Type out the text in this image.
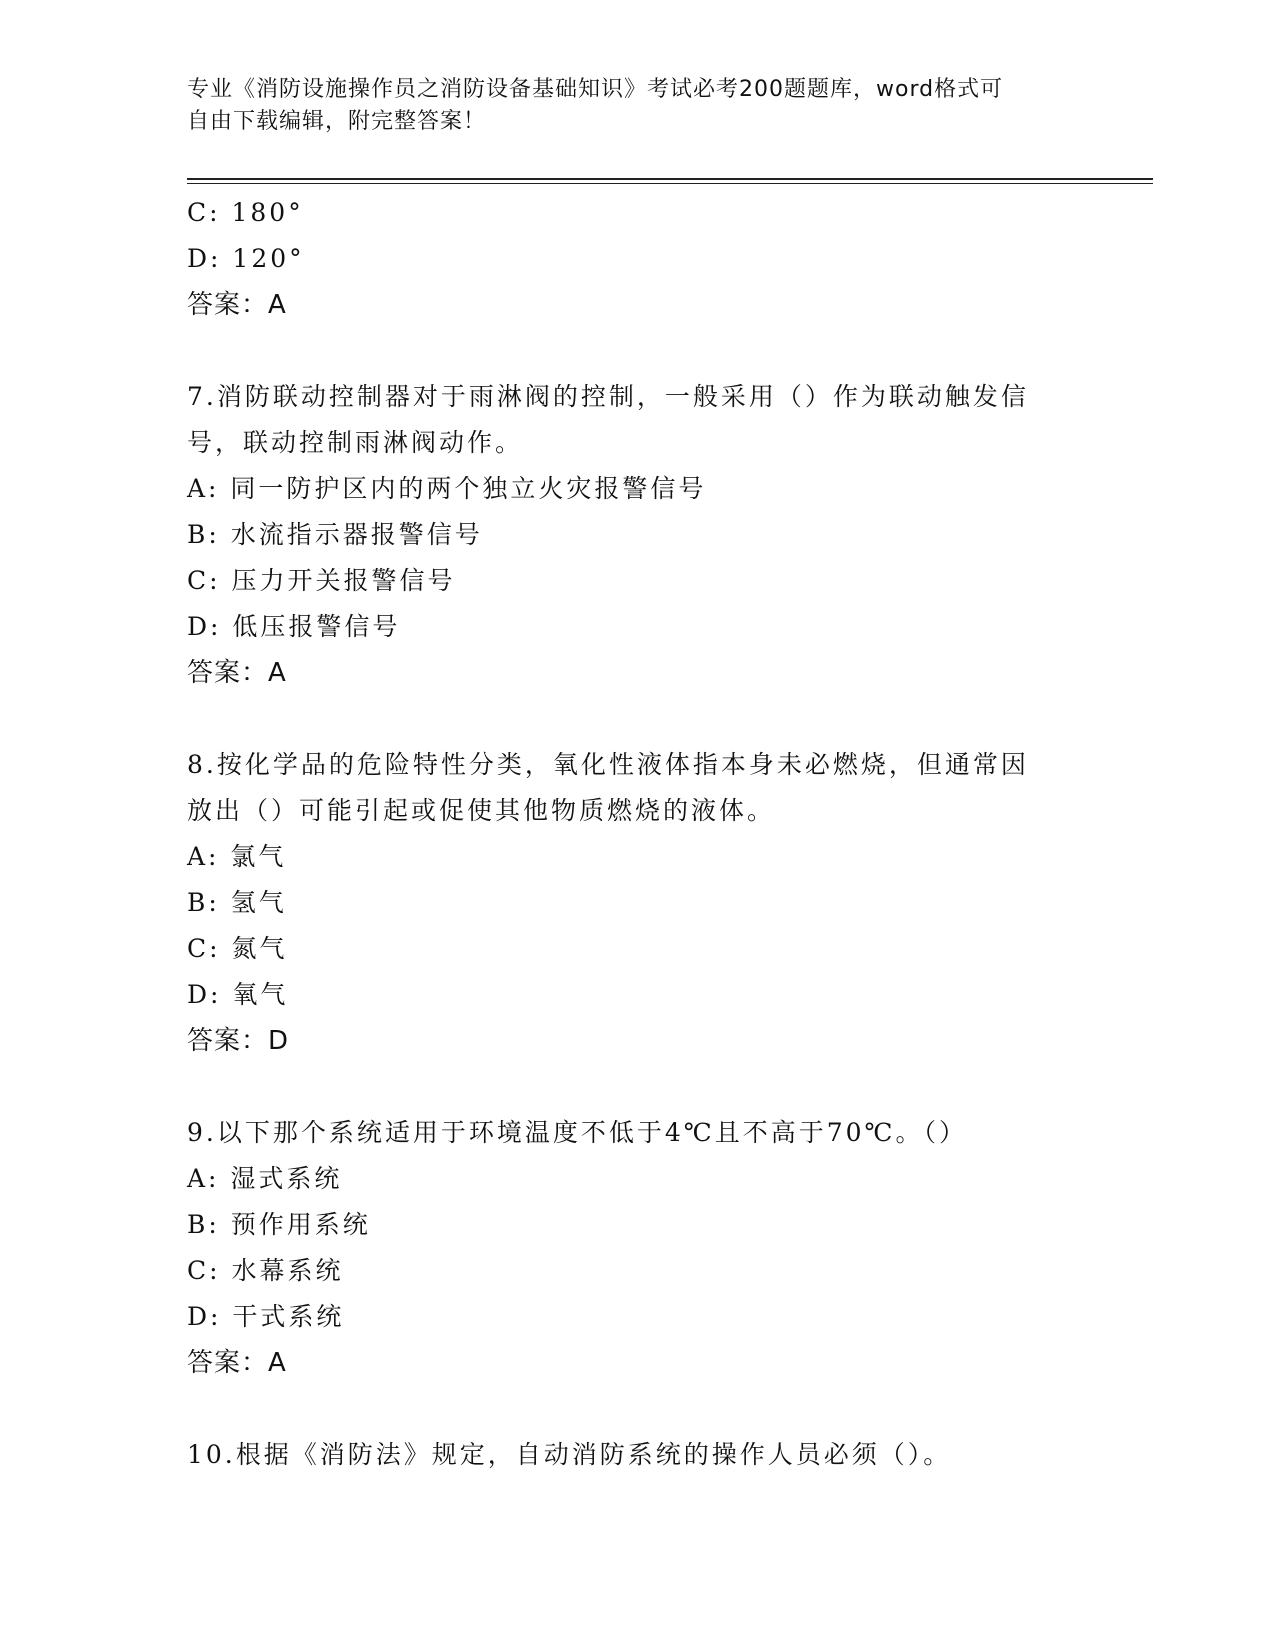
专业《消防设施操作员之消防设备基础知识》考试必考200题题库，word格式可
自由下载编辑，附完整答案！
C: 180°
D: 120°
答案：A
7.消防联动控制器对于雨淋阀的控制，一般采用（）作为联动触发信
号，联动控制雨淋阀动作。
A: 同一防护区内的两个独立火灾报警信号
B: 水流指示器报警信号
C: 压力开关报警信号
D: 低压报警信号
答案：A
8.按化学品的危险特性分类，氧化性液体指本身未必燃烧，但通常因
放出（）可能引起或促使其他物质燃烧的液体。
A: 氯气
B: 氢气
C: 氮气
D: 氧气
答案：D
9.以下那个系统适用于环境温度不低于4℃且不高于70℃。（）
A: 湿式系统
B: 预作用系统
C: 水幕系统
D: 干式系统
答案：A
10.根据《消防法》规定，自动消防系统的操作人员必须（）。
